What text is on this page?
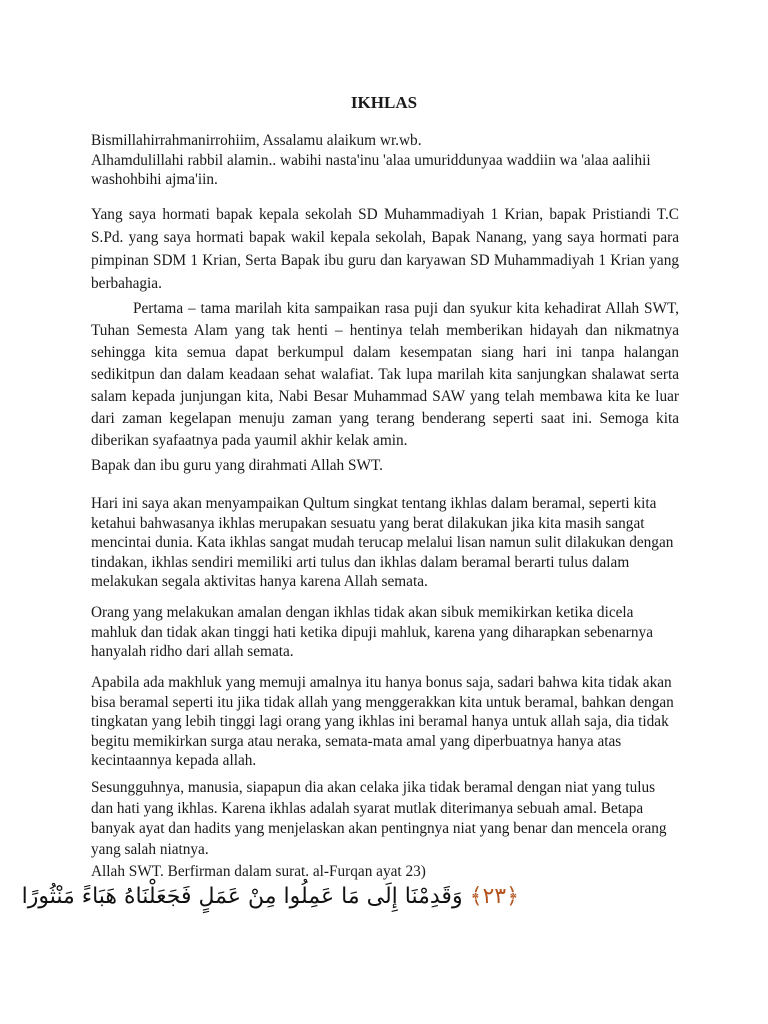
IKHLAS

Bismillahirrahmanirrohiim, Assalamu alaikum wr.wb.
Alhamdulillahi rabbil alamin.. wabihi nasta'inu 'alaa umuriddunyaa waddiin wa 'alaa aalihii washohbihi ajma'iin.

Yang saya hormati bapak kepala sekolah SD Muhammadiyah 1 Krian, bapak Pristiandi T.C S.Pd. yang saya hormati bapak wakil kepala sekolah, Bapak Nanang, yang saya hormati para pimpinan SDM 1 Krian, Serta Bapak ibu guru dan karyawan SD Muhammadiyah 1 Krian yang berbahagia.

Pertama – tama marilah kita sampaikan rasa puji dan syukur kita kehadirat Allah SWT, Tuhan Semesta Alam yang tak henti – hentinya telah memberikan hidayah dan nikmatnya sehingga kita semua dapat berkumpul dalam kesempatan siang hari ini tanpa halangan sedikitpun dan dalam keadaan sehat walafiat. Tak lupa marilah kita sanjungkan shalawat serta salam kepada junjungan kita, Nabi Besar Muhammad SAW yang telah membawa kita ke luar dari zaman kegelapan menuju zaman yang terang benderang seperti saat ini. Semoga kita diberikan syafaatnya pada yaumil akhir kelak amin.

Bapak dan ibu guru yang dirahmati Allah SWT.

Hari ini saya akan menyampaikan Qultum singkat tentang ikhlas dalam beramal, seperti kita ketahui bahwasanya ikhlas merupakan sesuatu yang berat dilakukan jika kita masih sangat mencintai dunia. Kata ikhlas sangat mudah terucap melalui lisan namun sulit dilakukan dengan tindakan, ikhlas sendiri memiliki arti tulus dan ikhlas dalam beramal berarti tulus dalam melakukan segala aktivitas hanya karena Allah semata.

Orang yang melakukan amalan dengan ikhlas tidak akan sibuk memikirkan ketika dicela mahluk dan tidak akan tinggi hati ketika dipuji mahluk, karena yang diharapkan sebenarnya hanyalah ridho dari allah semata.

Apabila ada makhluk yang memuji amalnya itu hanya bonus saja, sadari bahwa kita tidak akan bisa beramal seperti itu jika tidak allah yang menggerakkan kita untuk beramal, bahkan dengan tingkatan yang lebih tinggi lagi orang yang ikhlas ini beramal hanya untuk allah saja, dia tidak begitu memikirkan surga atau neraka, semata-mata amal yang diperbuatnya hanya atas kecintaannya kepada allah.

Sesungguhnya, manusia, siapapun dia akan celaka jika tidak beramal dengan niat yang tulus dan hati yang ikhlas. Karena ikhlas adalah syarat mutlak diterimanya sebuah amal. Betapa banyak ayat dan hadits yang menjelaskan akan pentingnya niat yang benar dan mencela orang yang salah niatnya.

Allah SWT. Berfirman dalam surat. al-Furqan ayat 23)

﴿٢٣﴾ وَقَدِمْنَا إِلَى مَا عَمِلُوا مِنْ عَمَلٍ فَجَعَلْنَاهُ هَبَاءً مَنْثُورًا
